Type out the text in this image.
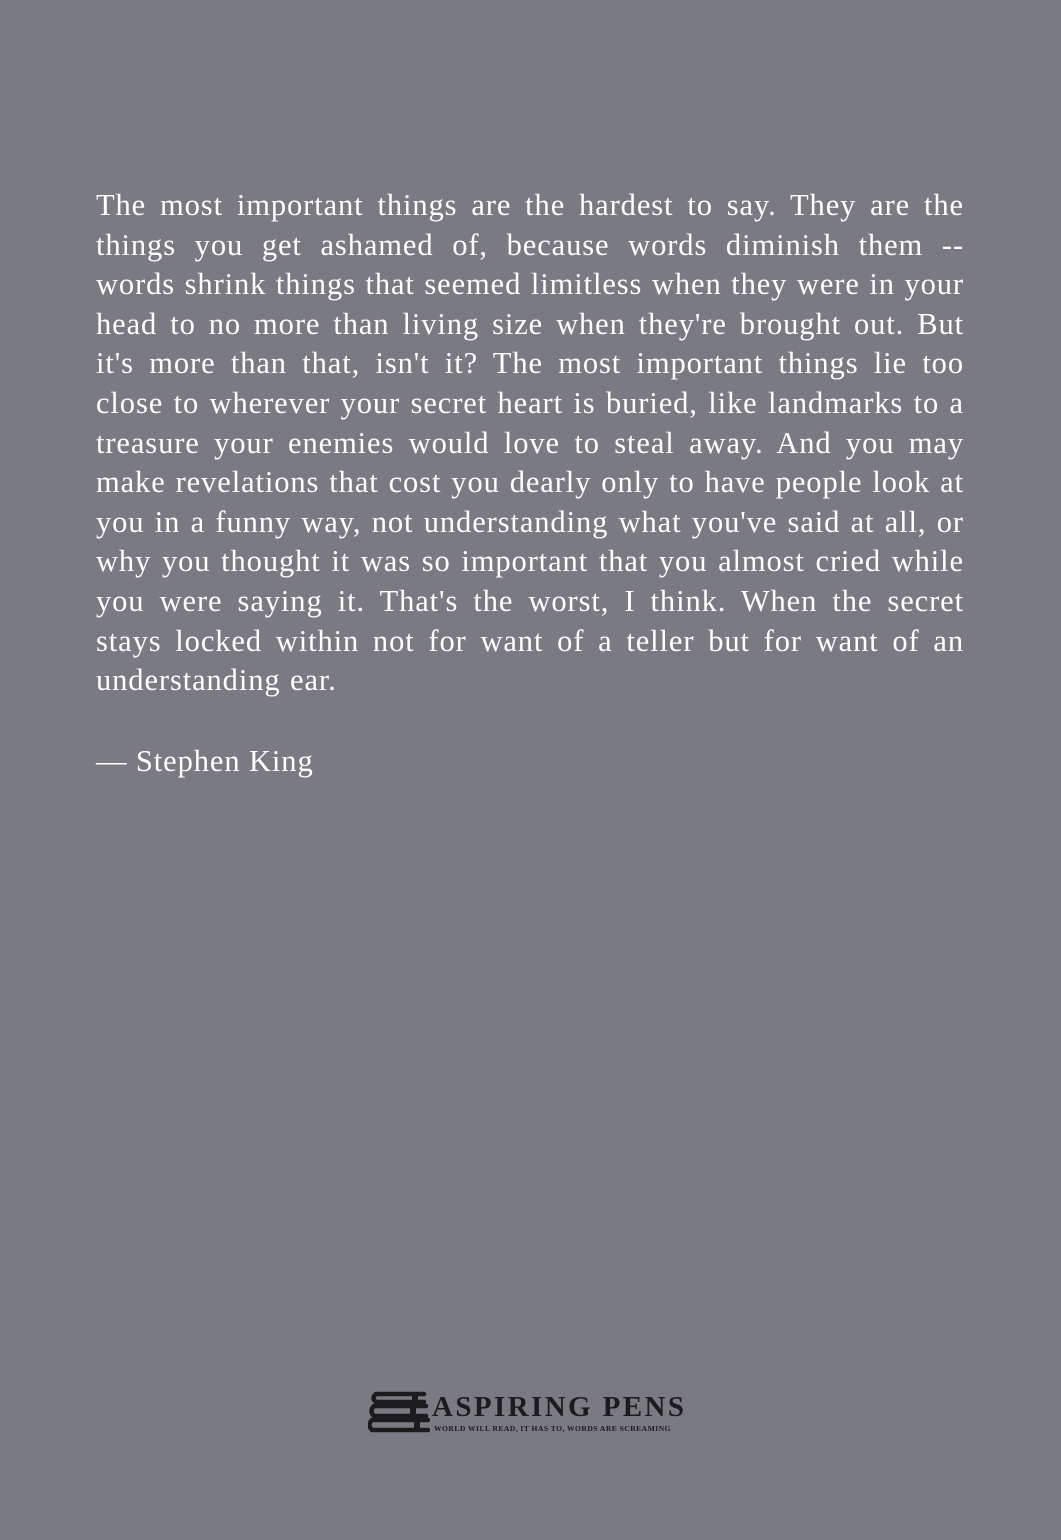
The most important things are the hardest to say. They are the things you get ashamed of, because words diminish them -- words shrink things that seemed limitless when they were in your head to no more than living size when they're brought out. But it's more than that, isn't it? The most important things lie too close to wherever your secret heart is buried, like landmarks to a treasure your enemies would love to steal away. And you may make revelations that cost you dearly only to have people look at you in a funny way, not understanding what you've said at all, or why you thought it was so important that you almost cried while you were saying it. That's the worst, I think. When the secret stays locked within not for want of a teller but for want of an understanding ear.

― Stephen King

ASPIRING PENS
WORLD WILL READ, IT HAS TO, WORDS ARE SCREAMING
